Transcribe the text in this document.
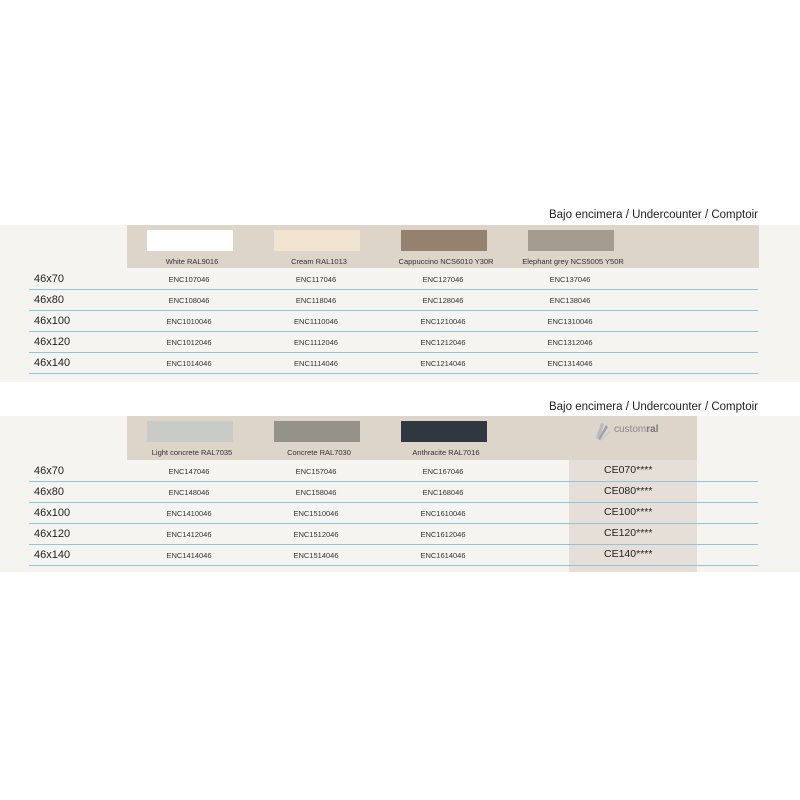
Bajo encimera / Undercounter / Comptoir
White RAL9016	Cream RAL1013	Cappuccino NCS6010 Y30R	Elephant grey NCS5005 Y50R
46x70	ENC107046	ENC117046	ENC127046	ENC137046
46x80	ENC108046	ENC118046	ENC128046	ENC138046
46x100	ENC1010046	ENC1110046	ENC1210046	ENC1310046
46x120	ENC1012046	ENC1112046	ENC1212046	ENC1312046
46x140	ENC1014046	ENC1114046	ENC1214046	ENC1314046
Bajo encimera / Undercounter / Comptoir
Light concrete RAL7035	Concrete RAL7030	Anthracite RAL7016
customral
46x70	ENC147046	ENC157046	ENC167046	CE070****
46x80	ENC148046	ENC158046	ENC168046	CE080****
46x100	ENC1410046	ENC1510046	ENC1610046	CE100****
46x120	ENC1412046	ENC1512046	ENC1612046	CE120****
46x140	ENC1414046	ENC1514046	ENC1614046	CE140****
